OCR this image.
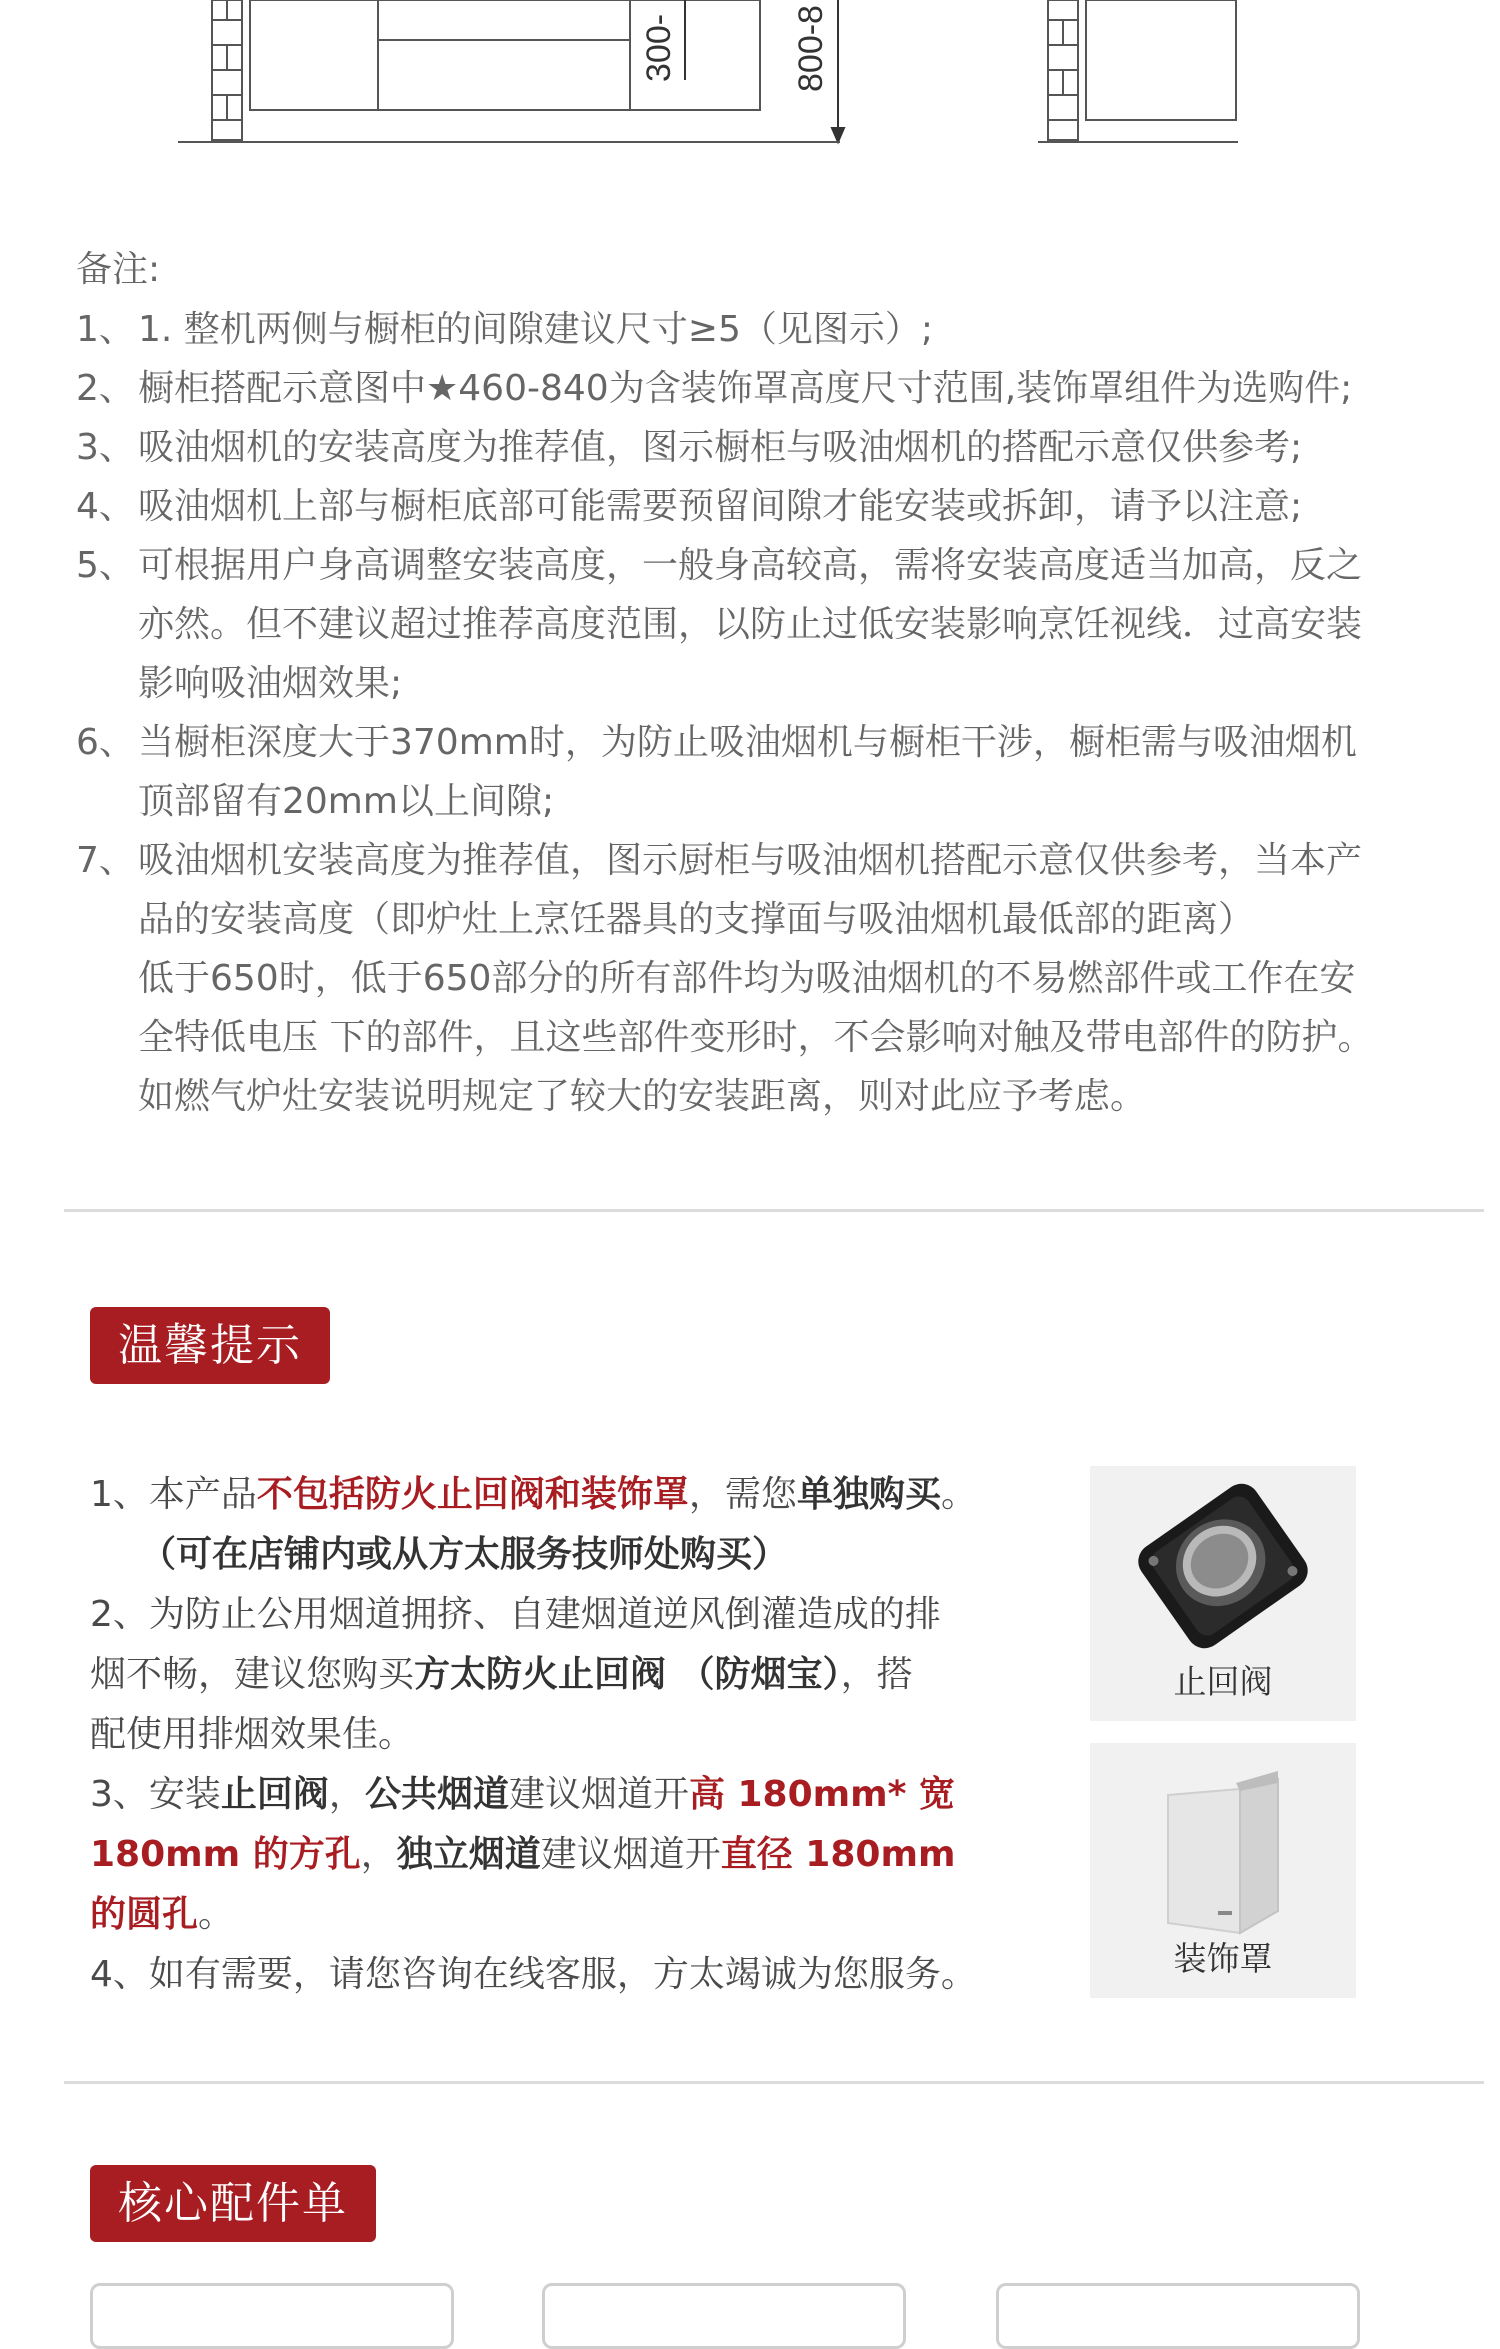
300-	800-8
备注:
1、 1. 整机两侧与橱柜的间隙建议尺寸≥5（见图示）;
2、 橱柜搭配示意图中★460-840为含装饰罩高度尺寸范围,装饰罩组件为选购件;
3、 吸油烟机的安装高度为推荐值，图示橱柜与吸油烟机的搭配示意仅供参考;
4、 吸油烟机上部与橱柜底部可能需要预留间隙才能安装或拆卸，请予以注意;
5、 可根据用户身高调整安装高度，一般身高较高，需将安装高度适当加高，反之
亦然。但不建议超过推荐高度范围，以防止过低安装影响烹饪视线．过高安装
影响吸油烟效果;
6、 当橱柜深度大于370mm时，为防止吸油烟机与橱柜干涉，橱柜需与吸油烟机
顶部留有20mm以上间隙;
7、 吸油烟机安装高度为推荐值，图示厨柜与吸油烟机搭配示意仅供参考，当本产
品的安装高度（即炉灶上烹饪器具的支撑面与吸油烟机最低部的距离）
低于650时，低于650部分的所有部件均为吸油烟机的不易燃部件或工作在安
全特低电压 下的部件，且这些部件变形时，不会影响对触及带电部件的防护。
如燃气炉灶安装说明规定了较大的安装距离，则对此应予考虑。
温馨提示
1、本产品不包括防火止回阀和装饰罩，需您单独购买。
（可在店铺内或从方太服务技师处购买）
2、为防止公用烟道拥挤、自建烟道逆风倒灌造成的排
烟不畅，建议您购买方太防火止回阀 （防烟宝），搭
配使用排烟效果佳。
3、安装止回阀，公共烟道建议烟道开高 180mm* 宽
180mm 的方孔，独立烟道建议烟道开直径 180mm
的圆孔。
4、如有需要，请您咨询在线客服，方太竭诚为您服务。
止回阀
装饰罩
核心配件单
